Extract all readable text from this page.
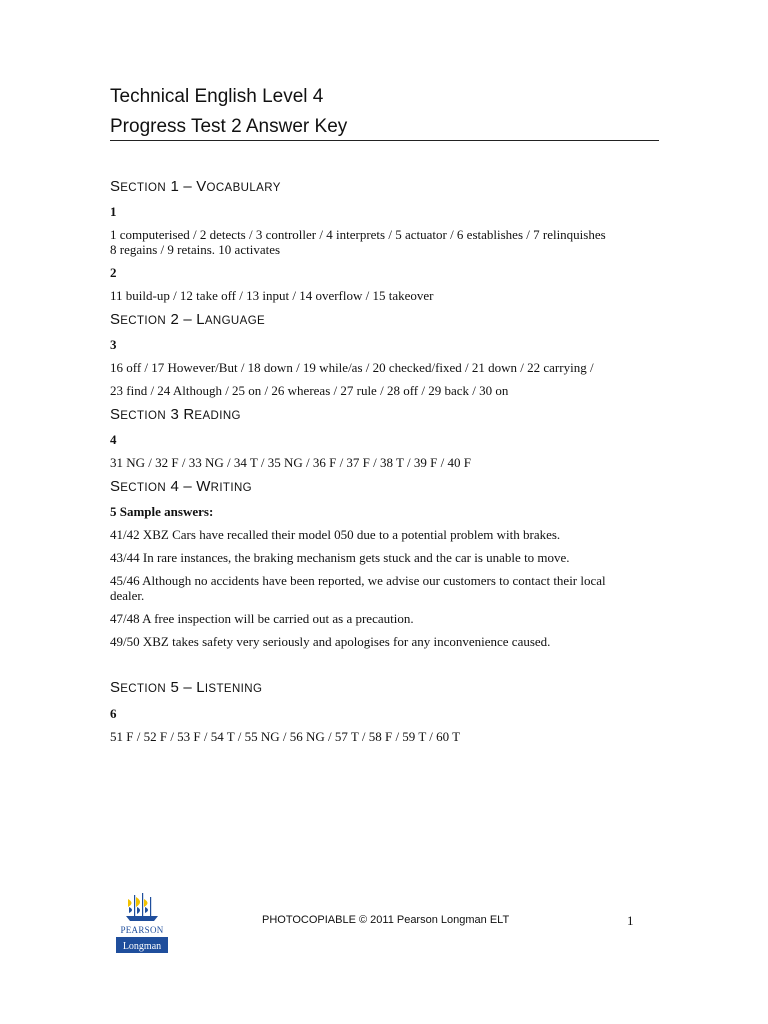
Technical English Level 4
Progress Test 2 Answer Key
SECTION 1 – VOCABULARY
1
1 computerised / 2 detects / 3 controller / 4 interprets / 5 actuator / 6 establishes / 7 relinquishes
8 regains / 9 retains. 10 activates
2
11 build-up / 12 take off / 13 input / 14 overflow / 15 takeover
SECTION 2 – LANGUAGE
3
16 off / 17 However/But / 18 down / 19 while/as / 20 checked/fixed / 21 down / 22 carrying /
23 find / 24 Although / 25 on / 26 whereas / 27 rule / 28 off / 29 back / 30 on
SECTION 3 READING
4
31 NG / 32 F / 33 NG / 34 T / 35 NG / 36 F / 37 F / 38 T / 39 F / 40 F
SECTION 4 – WRITING
5 Sample answers:
41/42 XBZ Cars have recalled their model 050 due to a potential problem with brakes.
43/44 In rare instances, the braking mechanism gets stuck and the car is unable to move.
45/46 Although no accidents have been reported, we advise our customers to contact their local
dealer.
47/48 A free inspection will be carried out as a precaution.
49/50 XBZ takes safety very seriously and apologises for any inconvenience caused.
SECTION 5 – LISTENING
6
51 F / 52 F / 53 F / 54 T / 55 NG / 56 NG / 57 T / 58 F / 59 T / 60 T
PEARSON
Longman
PHOTOCOPIABLE © 2011 Pearson Longman ELT	1
